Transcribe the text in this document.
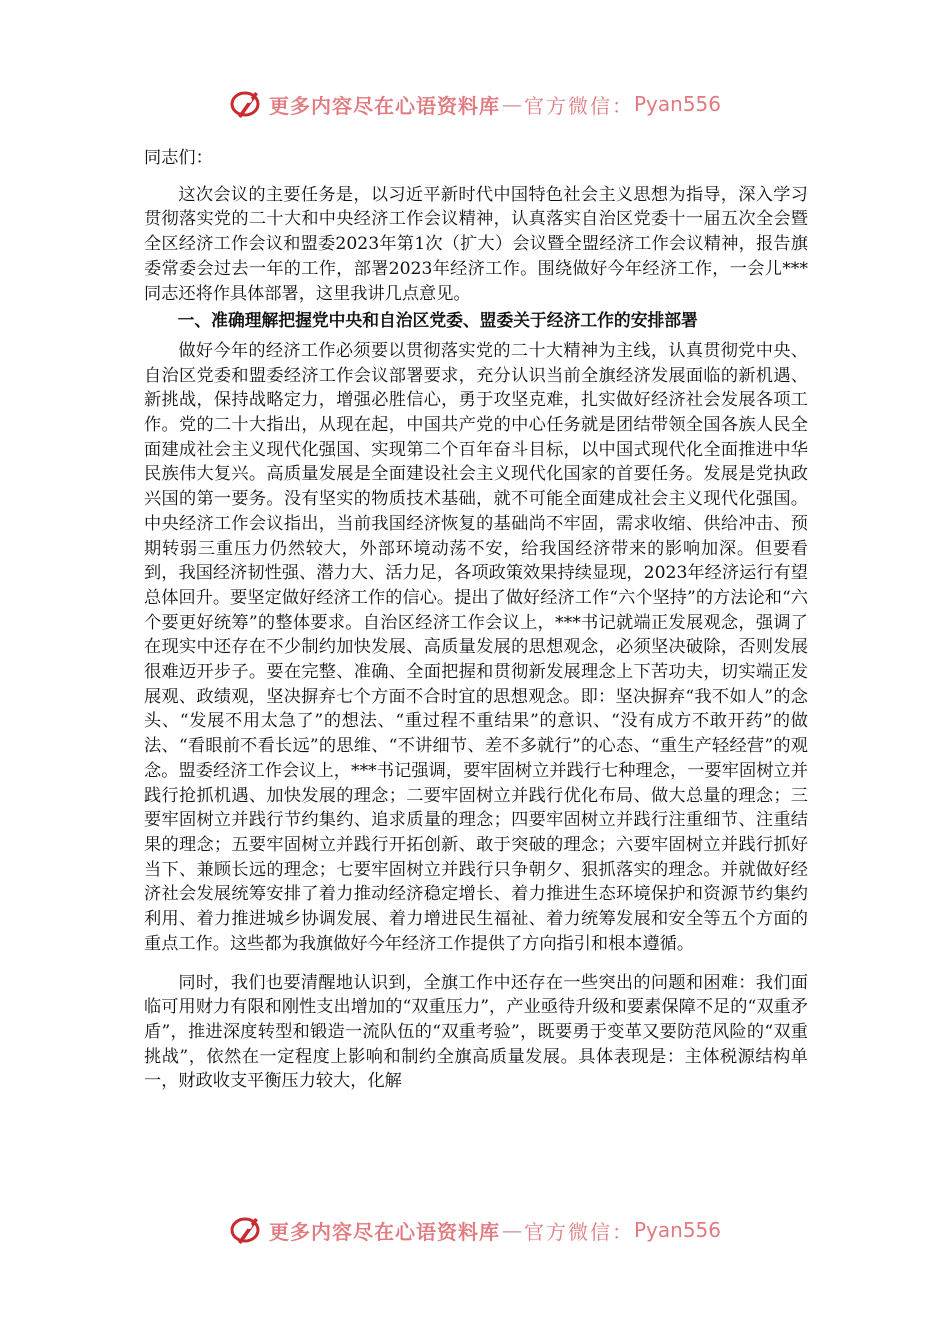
更多内容尽在心语资料库 — 官方微信： Pyan556

同志们：

这次会议的主要任务是，以习近平新时代中国特色社会主义思想为指导，深入学习贯彻落实党的二十大和中央经济工作会议精神，认真落实自治区党委十一届五次全会暨全区经济工作会议和盟委2023年第1次（扩大）会议暨全盟经济工作会议精神，报告旗委常委会过去一年的工作，部署2023年经济工作。围绕做好今年经济工作，一会儿***同志还将作具体部署，这里我讲几点意见。

一、准确理解把握党中央和自治区党委、盟委关于经济工作的安排部署

做好今年的经济工作必须要以贯彻落实党的二十大精神为主线，认真贯彻党中央、自治区党委和盟委经济工作会议部署要求，充分认识当前全旗经济发展面临的新机遇、新挑战，保持战略定力，增强必胜信心，勇于攻坚克难，扎实做好经济社会发展各项工作。党的二十大指出，从现在起，中国共产党的中心任务就是团结带领全国各族人民全面建成社会主义现代化强国、实现第二个百年奋斗目标，以中国式现代化全面推进中华民族伟大复兴。高质量发展是全面建设社会主义现代化国家的首要任务。发展是党执政兴国的第一要务。没有坚实的物质技术基础，就不可能全面建成社会主义现代化强国。中央经济工作会议指出，当前我国经济恢复的基础尚不牢固，需求收缩、供给冲击、预期转弱三重压力仍然较大，外部环境动荡不安，给我国经济带来的影响加深。但要看到，我国经济韧性强、潜力大、活力足，各项政策效果持续显现，2023年经济运行有望总体回升。要坚定做好经济工作的信心。提出了做好经济工作“六个坚持”的方法论和“六个要更好统筹”的整体要求。自治区经济工作会议上，***书记就端正发展观念，强调了在现实中还存在不少制约加快发展、高质量发展的思想观念，必须坚决破除，否则发展很难迈开步子。要在完整、准确、全面把握和贯彻新发展理念上下苦功夫，切实端正发展观、政绩观，坚决摒弃七个方面不合时宜的思想观念。即：坚决摒弃“我不如人”的念头、“发展不用太急了”的想法、“重过程不重结果”的意识、“没有成方不敢开药”的做法、“看眼前不看长远”的思维、“不讲细节、差不多就行”的心态、“重生产轻经营”的观念。盟委经济工作会议上，***书记强调，要牢固树立并践行七种理念，一要牢固树立并践行抢抓机遇、加快发展的理念；二要牢固树立并践行优化布局、做大总量的理念；三要牢固树立并践行节约集约、追求质量的理念；四要牢固树立并践行注重细节、注重结果的理念；五要牢固树立并践行开拓创新、敢于突破的理念；六要牢固树立并践行抓好当下、兼顾长远的理念；七要牢固树立并践行只争朝夕、狠抓落实的理念。并就做好经济社会发展统筹安排了着力推动经济稳定增长、着力推进生态环境保护和资源节约集约利用、着力推进城乡协调发展、着力增进民生福祉、着力统筹发展和安全等五个方面的重点工作。这些都为我旗做好今年经济工作提供了方向指引和根本遵循。

同时，我们也要清醒地认识到，全旗工作中还存在一些突出的问题和困难：我们面临可用财力有限和刚性支出增加的“双重压力”，产业亟待升级和要素保障不足的“双重矛盾”，推进深度转型和锻造一流队伍的“双重考验”，既要勇于变革又要防范风险的“双重挑战”，依然在一定程度上影响和制约全旗高质量发展。具体表现是：主体税源结构单一，财政收支平衡压力较大，化解

更多内容尽在心语资料库 — 官方微信： Pyan556
